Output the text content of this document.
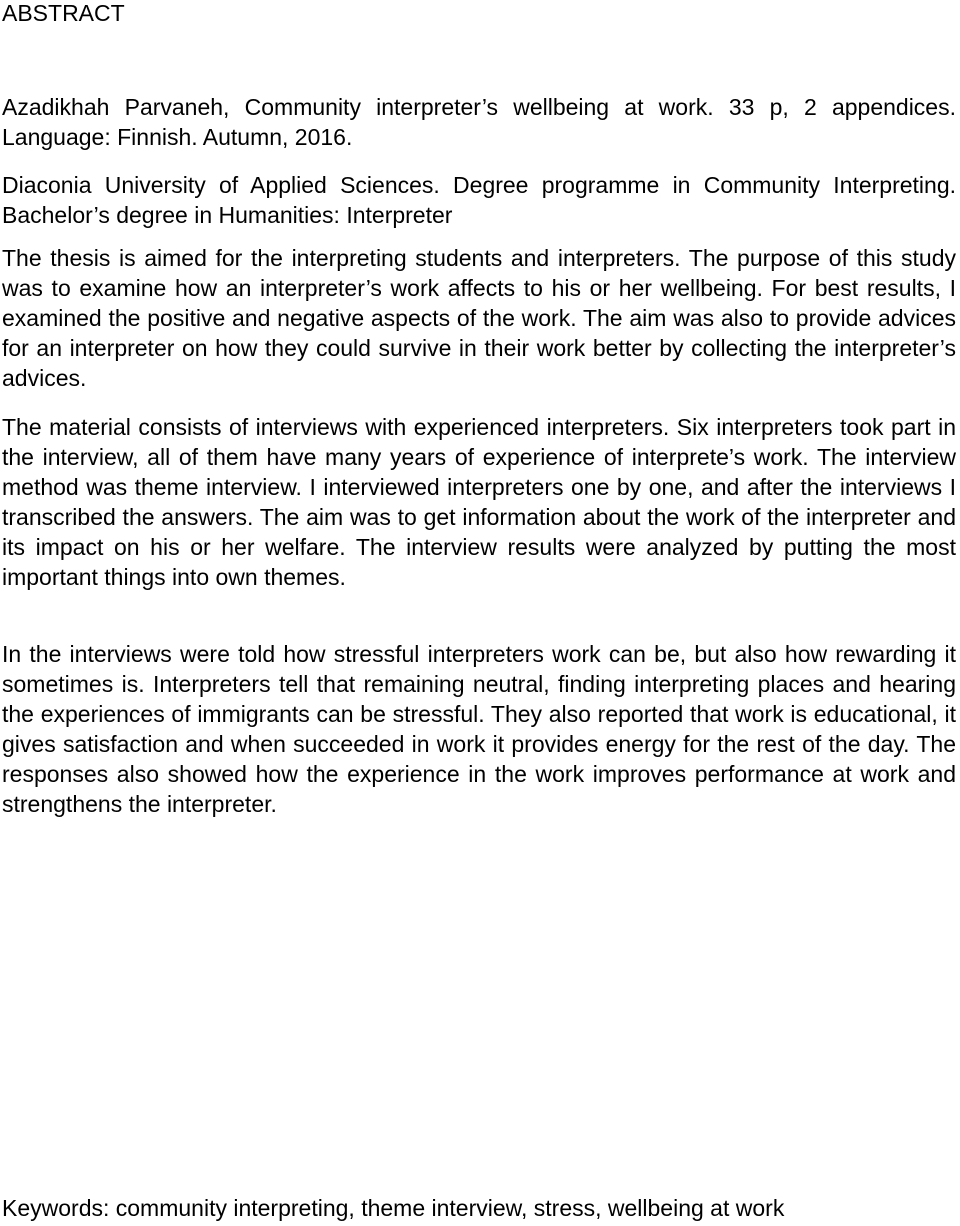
ABSTRACT

Azadikhah Parvaneh, Community interpreter’s wellbeing at work. 33 p, 2 appendices. Language: Finnish. Autumn, 2016.

Diaconia University of Applied Sciences. Degree programme in Community Interpreting. Bachelor’s degree in Humanities: Interpreter

The thesis is aimed for the interpreting students and interpreters. The purpose of this study was to examine how an interpreter’s work affects to his or her wellbeing. For best results, I examined the positive and negative aspects of the work. The aim was also to provide advices for an interpreter on how they could survive in their work better by collecting the interpreter’s advices.

The material consists of interviews with experienced interpreters. Six interpreters took part in the interview, all of them have many years of experience of interprete’s work. The interview method was theme interview. I interviewed interpreters one by one, and after the interviews I transcribed the answers. The aim was to get information about the work of the interpreter and its impact on his or her welfare. The interview results were analyzed by putting the most important things into own themes.

In the interviews were told how stressful interpreters work can be, but also how rewarding it sometimes is. Interpreters tell that remaining neutral, finding interpreting places and hearing the experiences of immigrants can be stressful. They also reported that work is educational, it gives satisfaction and when succeeded in work it provides energy for the rest of the day. The responses also showed how the experience in the work improves performance at work and strengthens the interpreter.

Keywords: community interpreting, theme interview, stress, wellbeing at work
